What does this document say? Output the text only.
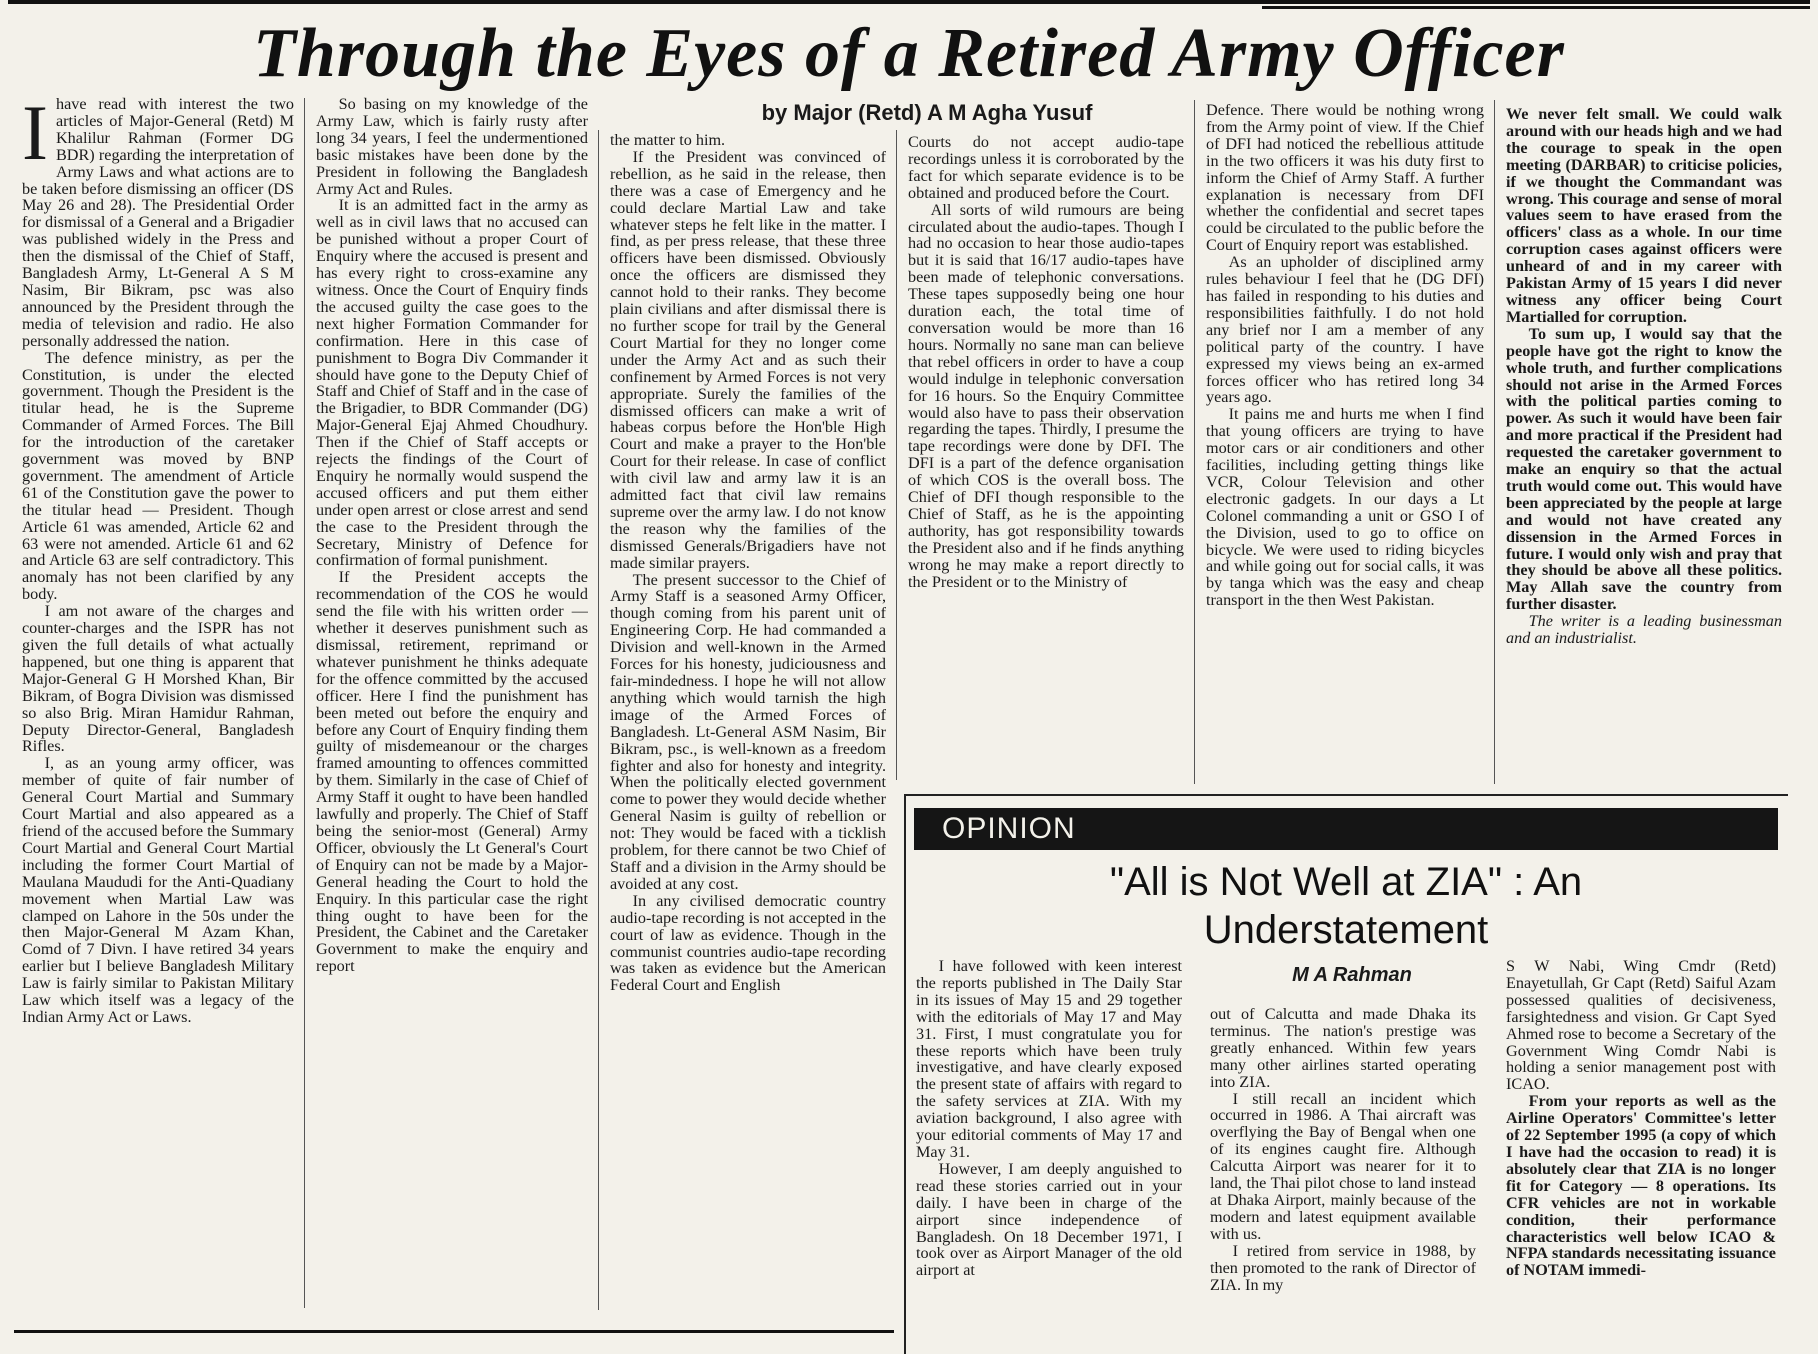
Through the Eyes of a Retired Army Officer
by Major (Retd) A M Agha Yusuf

Ihave read with interest the two articles of Major-General (Retd) M Khalilur Rahman (Former DG BDR) regarding the interpretation of Army Laws and what actions are to be taken before dismissing an officer (DS May 26 and 28). The Presidential Order for dismissal of a General and a Brigadier was published widely in the Press and then the dismissal of the Chief of Staff, Bangladesh Army, Lt-General A S M Nasim, Bir Bikram, psc was also announced by the President through the media of television and radio. He also personally addressed the nation.

The defence ministry, as per the Constitution, is under the elected government. Though the President is the titular head, he is the Supreme Commander of Armed Forces. The Bill for the introduction of the caretaker government was moved by BNP government. The amendment of Article 61 of the Constitution gave the power to the titular head — President. Though Article 61 was amended, Article 62 and 63 were not amended. Article 61 and 62 and Article 63 are self contradictory. This anomaly has not been clarified by any body.

I am not aware of the charges and counter-charges and the ISPR has not given the full details of what actually happened, but one thing is apparent that Major-General G H Morshed Khan, Bir Bikram, of Bogra Division was dismissed so also Brig. Miran Hamidur Rahman, Deputy Director-General, Bangladesh Rifles.

I, as an young army officer, was member of quite of fair number of General Court Martial and Summary Court Martial and also appeared as a friend of the accused before the Summary Court Martial and General Court Martial including the former Court Martial of Maulana Maududi for the Anti-Quadiany movement when Martial Law was clamped on Lahore in the 50s under the then Major-General M Azam Khan, Comd of 7 Divn. I have retired 34 years earlier but I believe Bangladesh Military Law is fairly similar to Pakistan Military Law which itself was a legacy of the Indian Army Act or Laws.

So basing on my knowledge of the Army Law, which is fairly rusty after long 34 years, I feel the undermentioned basic mistakes have been done by the President in following the Bangladesh Army Act and Rules.

It is an admitted fact in the army as well as in civil laws that no accused can be punished without a proper Court of Enquiry where the accused is present and has every right to cross-examine any witness. Once the Court of Enquiry finds the accused guilty the case goes to the next higher Formation Commander for confirmation. Here in this case of punishment to Bogra Div Commander it should have gone to the Deputy Chief of Staff and Chief of Staff and in the case of the Brigadier, to BDR Commander (DG) Major-General Ejaj Ahmed Choudhury. Then if the Chief of Staff accepts or rejects the findings of the Court of Enquiry he normally would suspend the accused officers and put them either under open arrest or close arrest and send the case to the President through the Secretary, Ministry of Defence for confirmation of formal punishment.

If the President accepts the recommendation of the COS he would send the file with his written order — whether it deserves punishment such as dismissal, retirement, reprimand or whatever punishment he thinks adequate for the offence committed by the accused officer. Here I find the punishment has been meted out before the enquiry and before any Court of Enquiry finding them guilty of misdemeanour or the charges framed amounting to offences committed by them. Similarly in the case of Chief of Army Staff it ought to have been handled lawfully and properly. The Chief of Staff being the senior-most (General) Army Officer, obviously the Lt General's Court of Enquiry can not be made by a Major-General heading the Court to hold the Enquiry. In this particular case the right thing ought to have been for the President, the Cabinet and the Caretaker Government to make the enquiry and report

the matter to him.

If the President was convinced of rebellion, as he said in the release, then there was a case of Emergency and he could declare Martial Law and take whatever steps he felt like in the matter. I find, as per press release, that these three officers have been dismissed. Obviously once the officers are dismissed they cannot hold to their ranks. They become plain civilians and after dismissal there is no further scope for trail by the General Court Martial for they no longer come under the Army Act and as such their confinement by Armed Forces is not very appropriate. Surely the families of the dismissed officers can make a writ of habeas corpus before the Hon'ble High Court and make a prayer to the Hon'ble Court for their release. In case of conflict with civil law and army law it is an admitted fact that civil law remains supreme over the army law. I do not know the reason why the families of the dismissed Generals/Brigadiers have not made similar prayers.

The present successor to the Chief of Army Staff is a seasoned Army Officer, though coming from his parent unit of Engineering Corp. He had commanded a Division and well-known in the Armed Forces for his honesty, judiciousness and fair-mindedness. I hope he will not allow anything which would tarnish the high image of the Armed Forces of Bangladesh. Lt-General ASM Nasim, Bir Bikram, psc., is well-known as a freedom fighter and also for honesty and integrity. When the politically elected government come to power they would decide whether General Nasim is guilty of rebellion or not: They would be faced with a ticklish problem, for there cannot be two Chief of Staff and a division in the Army should be avoided at any cost.

In any civilised democratic country audio-tape recording is not accepted in the court of law as evidence. Though in the communist countries audio-tape recording was taken as evidence but the American Federal Court and English

Courts do not accept audio-tape recordings unless it is corroborated by the fact for which separate evidence is to be obtained and produced before the Court.

All sorts of wild rumours are being circulated about the audio-tapes. Though I had no occasion to hear those audio-tapes but it is said that 16/17 audio-tapes have been made of telephonic conversations. These tapes supposedly being one hour duration each, the total time of conversation would be more than 16 hours. Normally no sane man can believe that rebel officers in order to have a coup would indulge in telephonic conversation for 16 hours. So the Enquiry Committee would also have to pass their observation regarding the tapes. Thirdly, I presume the tape recordings were done by DFI. The DFI is a part of the defence organisation of which COS is the overall boss. The Chief of DFI though responsible to the Chief of Staff, as he is the appointing authority, has got responsibility towards the President also and if he finds anything wrong he may make a report directly to the President or to the Ministry of

Defence. There would be nothing wrong from the Army point of view. If the Chief of DFI had noticed the rebellious attitude in the two officers it was his duty first to inform the Chief of Army Staff. A further explanation is necessary from DFI whether the confidential and secret tapes could be circulated to the public before the Court of Enquiry report was established.

As an upholder of disciplined army rules behaviour I feel that he (DG DFI) has failed in responding to his duties and responsibilities faithfully. I do not hold any brief nor I am a member of any political party of the country. I have expressed my views being an ex-armed forces officer who has retired long 34 years ago.

It pains me and hurts me when I find that young officers are trying to have motor cars or air conditioners and other facilities, including getting things like VCR, Colour Television and other electronic gadgets. In our days a Lt Colonel commanding a unit or GSO I of the Division, used to go to office on bicycle. We were used to riding bicycles and while going out for social calls, it was by tanga which was the easy and cheap transport in the then West Pakistan.

We never felt small. We could walk around with our heads high and we had the courage to speak in the open meeting (DARBAR) to criticise policies, if we thought the Commandant was wrong. This courage and sense of moral values seem to have erased from the officers' class as a whole. In our time corruption cases against officers were unheard of and in my career with Pakistan Army of 15 years I did never witness any officer being Court Martialled for corruption.

To sum up, I would say that the people have got the right to know the whole truth, and further complications should not arise in the Armed Forces with the political parties coming to power. As such it would have been fair and more practical if the President had requested the caretaker government to make an enquiry so that the actual truth would come out. This would have been appreciated by the people at large and would not have created any dissension in the Armed Forces in future. I would only wish and pray that they should be above all these politics. May Allah save the country from further disaster.

The writer is a leading businessman and an industrialist.

OPINION
"All is Not Well at ZIA" : An
Understatement
M A Rahman

I have followed with keen interest the reports published in The Daily Star in its issues of May 15 and 29 together with the editorials of May 17 and May 31. First, I must congratulate you for these reports which have been truly investigative, and have clearly exposed the present state of affairs with regard to the safety services at ZIA. With my aviation background, I also agree with your editorial comments of May 17 and May 31.

However, I am deeply anguished to read these stories carried out in your daily. I have been in charge of the airport since independence of Bangladesh. On 18 December 1971, I took over as Airport Manager of the old airport at

out of Calcutta and made Dhaka its terminus. The nation's prestige was greatly enhanced. Within few years many other airlines started operating into ZIA.

I still recall an incident which occurred in 1986. A Thai aircraft was overflying the Bay of Bengal when one of its engines caught fire. Although Calcutta Airport was nearer for it to land, the Thai pilot chose to land instead at Dhaka Airport, mainly because of the modern and latest equipment available with us.

I retired from service in 1988, by then promoted to the rank of Director of ZIA. In my

S W Nabi, Wing Cmdr (Retd) Enayetullah, Gr Capt (Retd) Saiful Azam possessed qualities of decisiveness, farsightedness and vision. Gr Capt Syed Ahmed rose to become a Secretary of the Government Wing Comdr Nabi is holding a senior management post with ICAO.

From your reports as well as the Airline Operators' Committee's letter of 22 September 1995 (a copy of which I have had the occasion to read) it is absolutely clear that ZIA is no longer fit for Category — 8 operations. Its CFR vehicles are not in workable condition, their performance characteristics well below ICAO & NFPA standards necessitating issuance of NOTAM immedi-
